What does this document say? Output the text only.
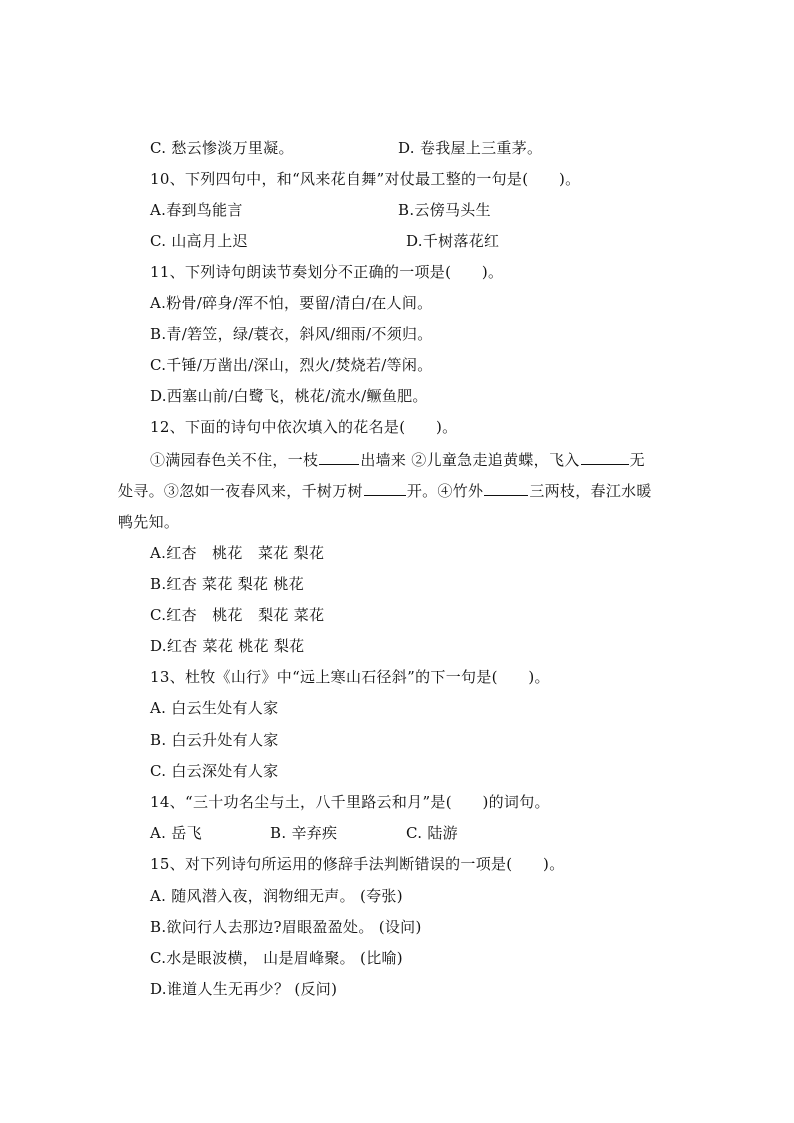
C. 愁云惨淡万里凝。	D. 卷我屋上三重茅。
10、下列四句中，和“风来花自舞”对仗最工整的一句是(　　)。
A.春到鸟能言	B.云傍马头生
C. 山高月上迟	D.千树落花红
11、下列诗句朗读节奏划分不正确的一项是(　　)。
A.粉骨/碎身/浑不怕，要留/清白/在人间。
B.青/箬笠，绿/蓑衣，斜风/细雨/不须归。
C.千锤/万凿出/深山，烈火/焚烧若/等闲。
D.西塞山前/白鹭飞，桃花/流水/鳜鱼肥。
12、下面的诗句中依次填入的花名是(　　)。
①满园春色关不住，一枝	出墙来 ②儿童急走追黄蝶，飞入	无
处寻。③忽如一夜春风来，千树万树	开。④竹外	三两枝，春江水暖
鸭先知。
A.红杏　桃花　菜花 梨花
B.红杏 菜花 梨花 桃花
C.红杏　桃花　梨花 菜花
D.红杏 菜花 桃花 梨花
13、杜牧《山行》中“远上寒山石径斜”的下一句是(　　)。
A. 白云生处有人家
B. 白云升处有人家
C. 白云深处有人家
14、“三十功名尘与土，八千里路云和月”是(　　)的词句。
A. 岳飞	B. 辛弃疾	C. 陆游
15、对下列诗句所运用的修辞手法判断错误的一项是(　　)。
A. 随风潜入夜，润物细无声。 (夸张)
B.欲问行人去那边?眉眼盈盈处。 (设问)
C.水是眼波横， 山是眉峰聚。 (比喻)
D.谁道人生无再少？ (反问)
